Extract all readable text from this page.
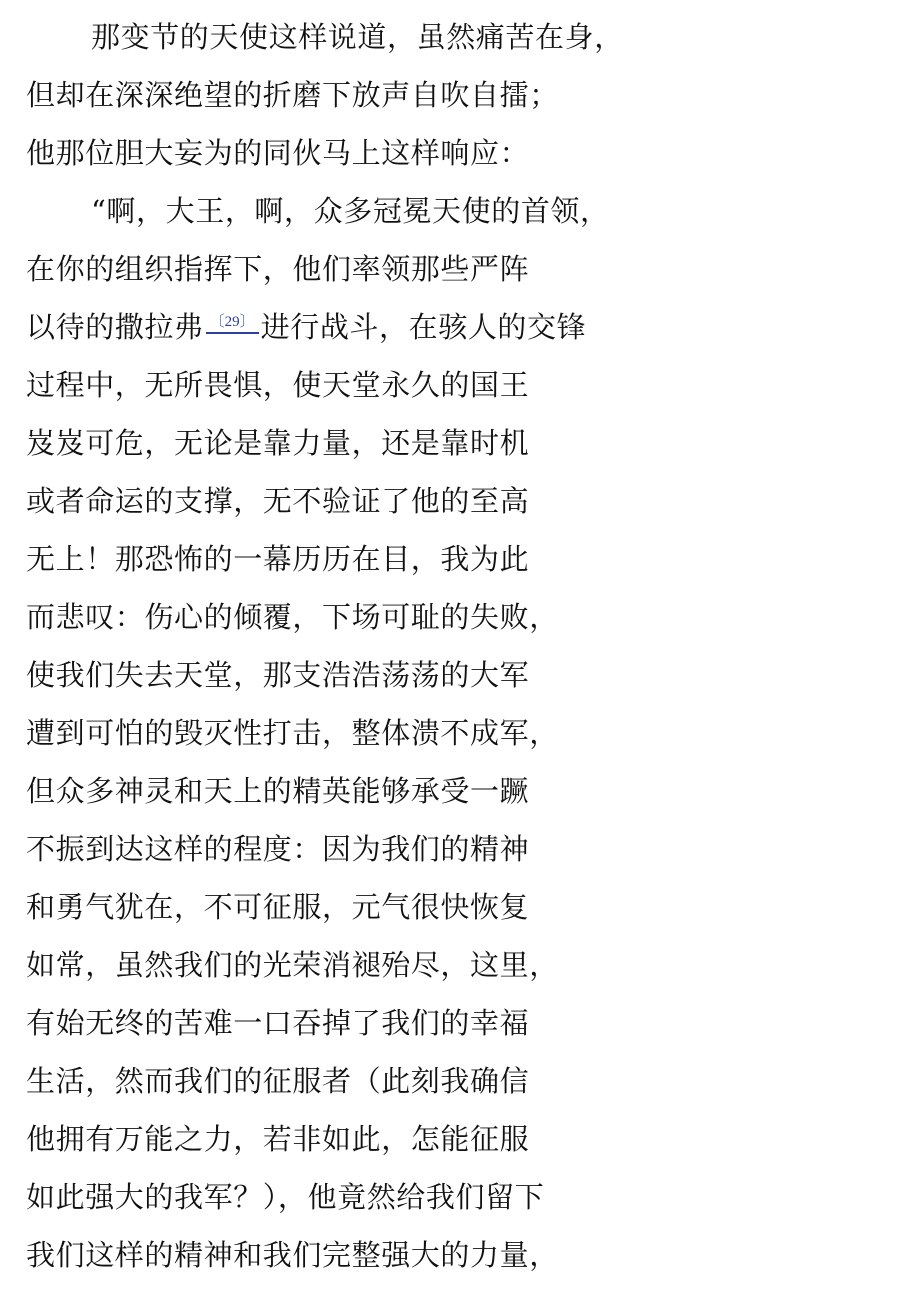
那变节的天使这样说道，虽然痛苦在身，
但却在深深绝望的折磨下放声自吹自擂；
他那位胆大妄为的同伙马上这样响应：
“啊，大王，啊，众多冠冕天使的首领，
在你的组织指挥下，他们率领那些严阵
以待的撒拉弗 〔29〕 进行战斗，在骇人的交锋
过程中，无所畏惧，使天堂永久的国王
岌岌可危，无论是靠力量，还是靠时机
或者命运的支撑，无不验证了他的至高
无上！那恐怖的一幕历历在目，我为此
而悲叹：伤心的倾覆，下场可耻的失败，
使我们失去天堂，那支浩浩荡荡的大军
遭到可怕的毁灭性打击，整体溃不成军，
但众多神灵和天上的精英能够承受一蹶
不振到达这样的程度：因为我们的精神
和勇气犹在，不可征服，元气很快恢复
如常，虽然我们的光荣消褪殆尽，这里，
有始无终的苦难一口吞掉了我们的幸福
生活，然而我们的征服者（此刻我确信
他拥有万能之力，若非如此，怎能征服
如此强大的我军？），他竟然给我们留下
我们这样的精神和我们完整强大的力量，
